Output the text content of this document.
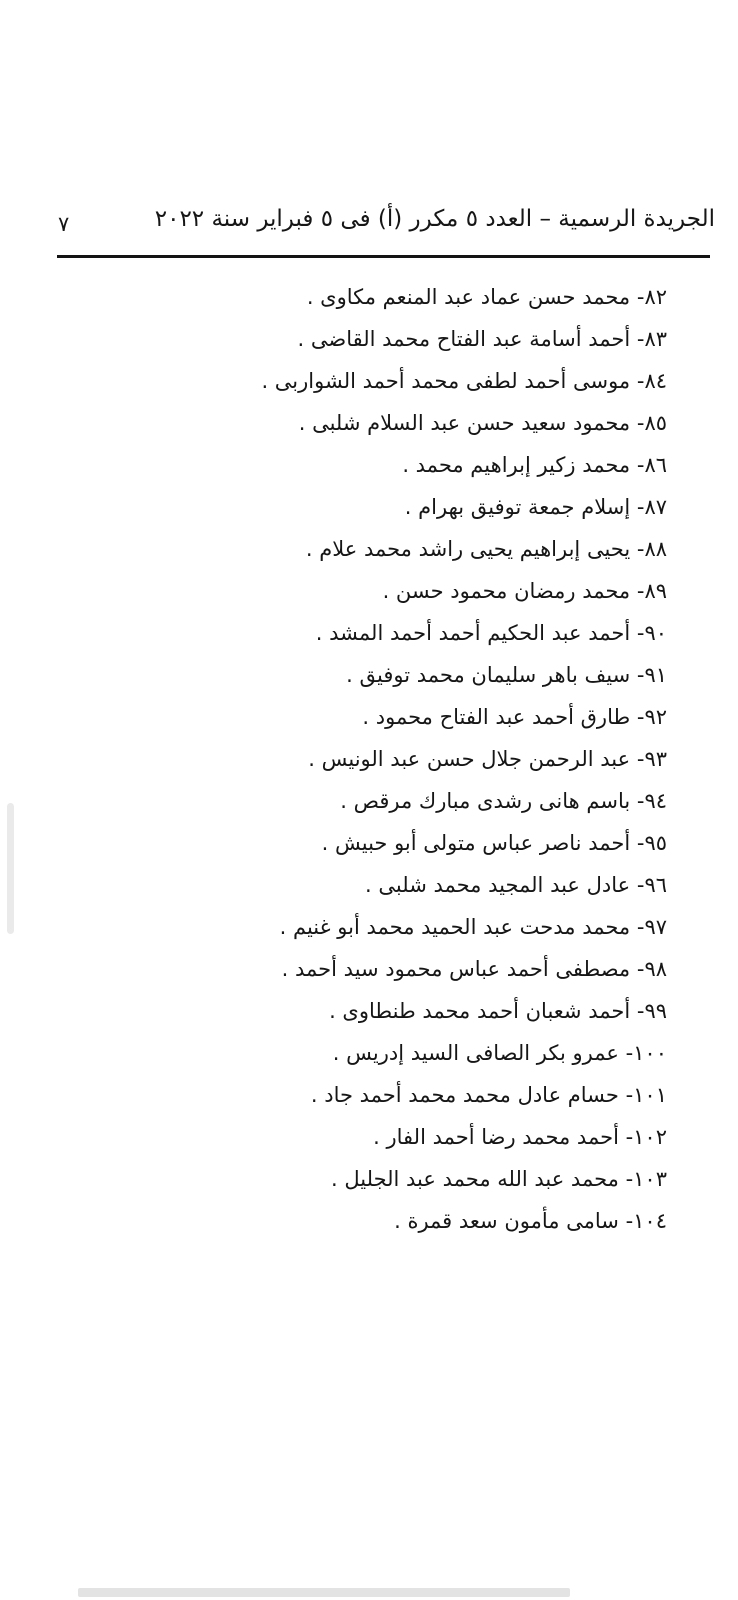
٧	الجريدة الرسمية – العدد ٥ مكرر (أ) فى ٥ فبراير سنة ٢٠٢٢
٨٢- محمد حسن عماد عبد المنعم مكاوى .
٨٣- أحمد أسامة عبد الفتاح محمد القاضى .
٨٤- موسى أحمد لطفى محمد أحمد الشواربى .
٨٥- محمود سعيد حسن عبد السلام شلبى .
٨٦- محمد زكير إبراهيم محمد .
٨٧- إسلام جمعة توفيق بهرام .
٨٨- يحيى إبراهيم يحيى راشد محمد علام .
٨٩- محمد رمضان محمود حسن .
٩٠- أحمد عبد الحكيم أحمد أحمد المشد .
٩١- سيف باهر سليمان محمد توفيق .
٩٢- طارق أحمد عبد الفتاح محمود .
٩٣- عبد الرحمن جلال حسن عبد الونيس .
٩٤- باسم هانى رشدى مبارك مرقص .
٩٥- أحمد ناصر عباس متولى أبو حبيش .
٩٦- عادل عبد المجيد محمد شلبى .
٩٧- محمد مدحت عبد الحميد محمد أبو غنيم .
٩٨- مصطفى أحمد عباس محمود سيد أحمد .
٩٩- أحمد شعبان أحمد محمد طنطاوى .
١٠٠- عمرو بكر الصافى السيد إدريس .
١٠١- حسام عادل محمد محمد أحمد جاد .
١٠٢- أحمد محمد رضا أحمد الفار .
١٠٣- محمد عبد الله محمد عبد الجليل .
١٠٤- سامى مأمون سعد قمرة .
